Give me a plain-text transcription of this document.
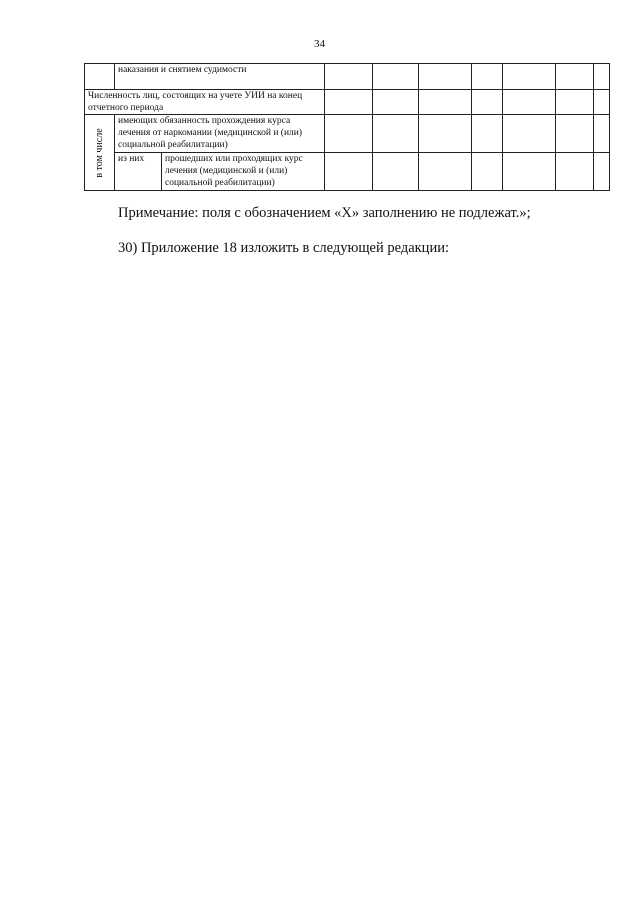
34
	наказания и снятием судимости								
Численность лиц, состоящих на учете УИИ на конец отчетного периода									

в том числе	имеющих обязанность прохождения курса лечения от наркомании (медицинской и (или) социальной реабилитации)								
	из них	прошедших или проходящих курс лечения (медицинской и (или) социальной реабилитации)							
Примечание: поля с обозначением «X» заполнению не подлежат.»;
30) Приложение 18 изложить в следующей редакции:
